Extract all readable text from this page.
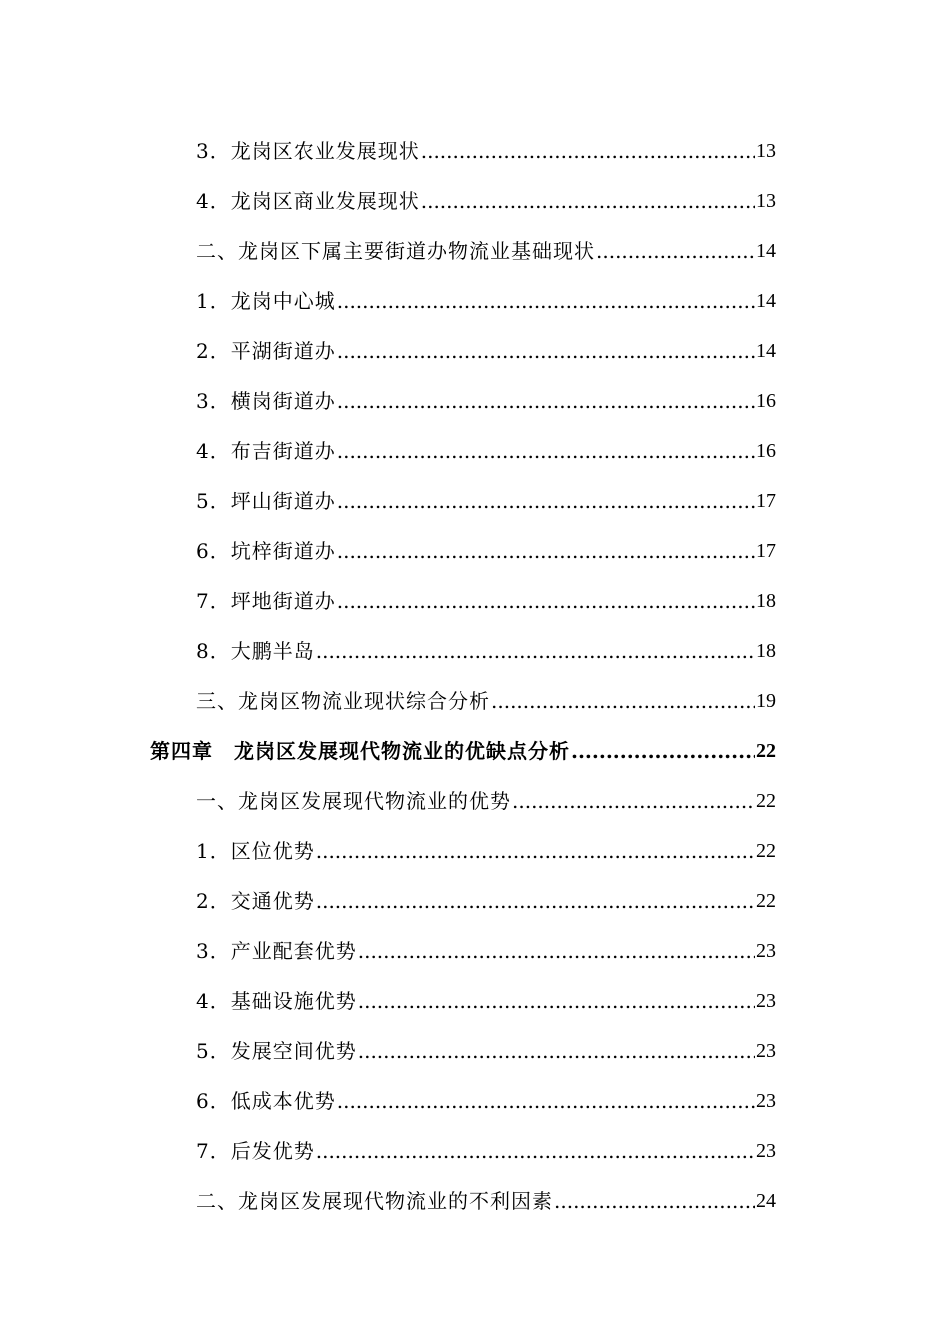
3．龙岗区农业发展现状 .....	13
4．龙岗区商业发展现状 .....	13
二、龙岗区下属主要街道办物流业基础现状 .....	14
1．龙岗中心城 .....	14
2．平湖街道办 .....	14
3．横岗街道办 .....	16
4．布吉街道办 .....	16
5．坪山街道办 .....	17
6．坑梓街道办 .....	17
7．坪地街道办 .....	18
8．大鹏半岛 .....	18
三、龙岗区物流业现状综合分析 .....	19
第四章　龙岗区发展现代物流业的优缺点分析 .....	22
一、龙岗区发展现代物流业的优势 .....	22
1．区位优势 .....	22
2．交通优势 .....	22
3．产业配套优势 .....	23
4．基础设施优势 .....	23
5．发展空间优势 .....	23
6．低成本优势 .....	23
7．后发优势 .....	23
二、龙岗区发展现代物流业的不利因素 .....	24
